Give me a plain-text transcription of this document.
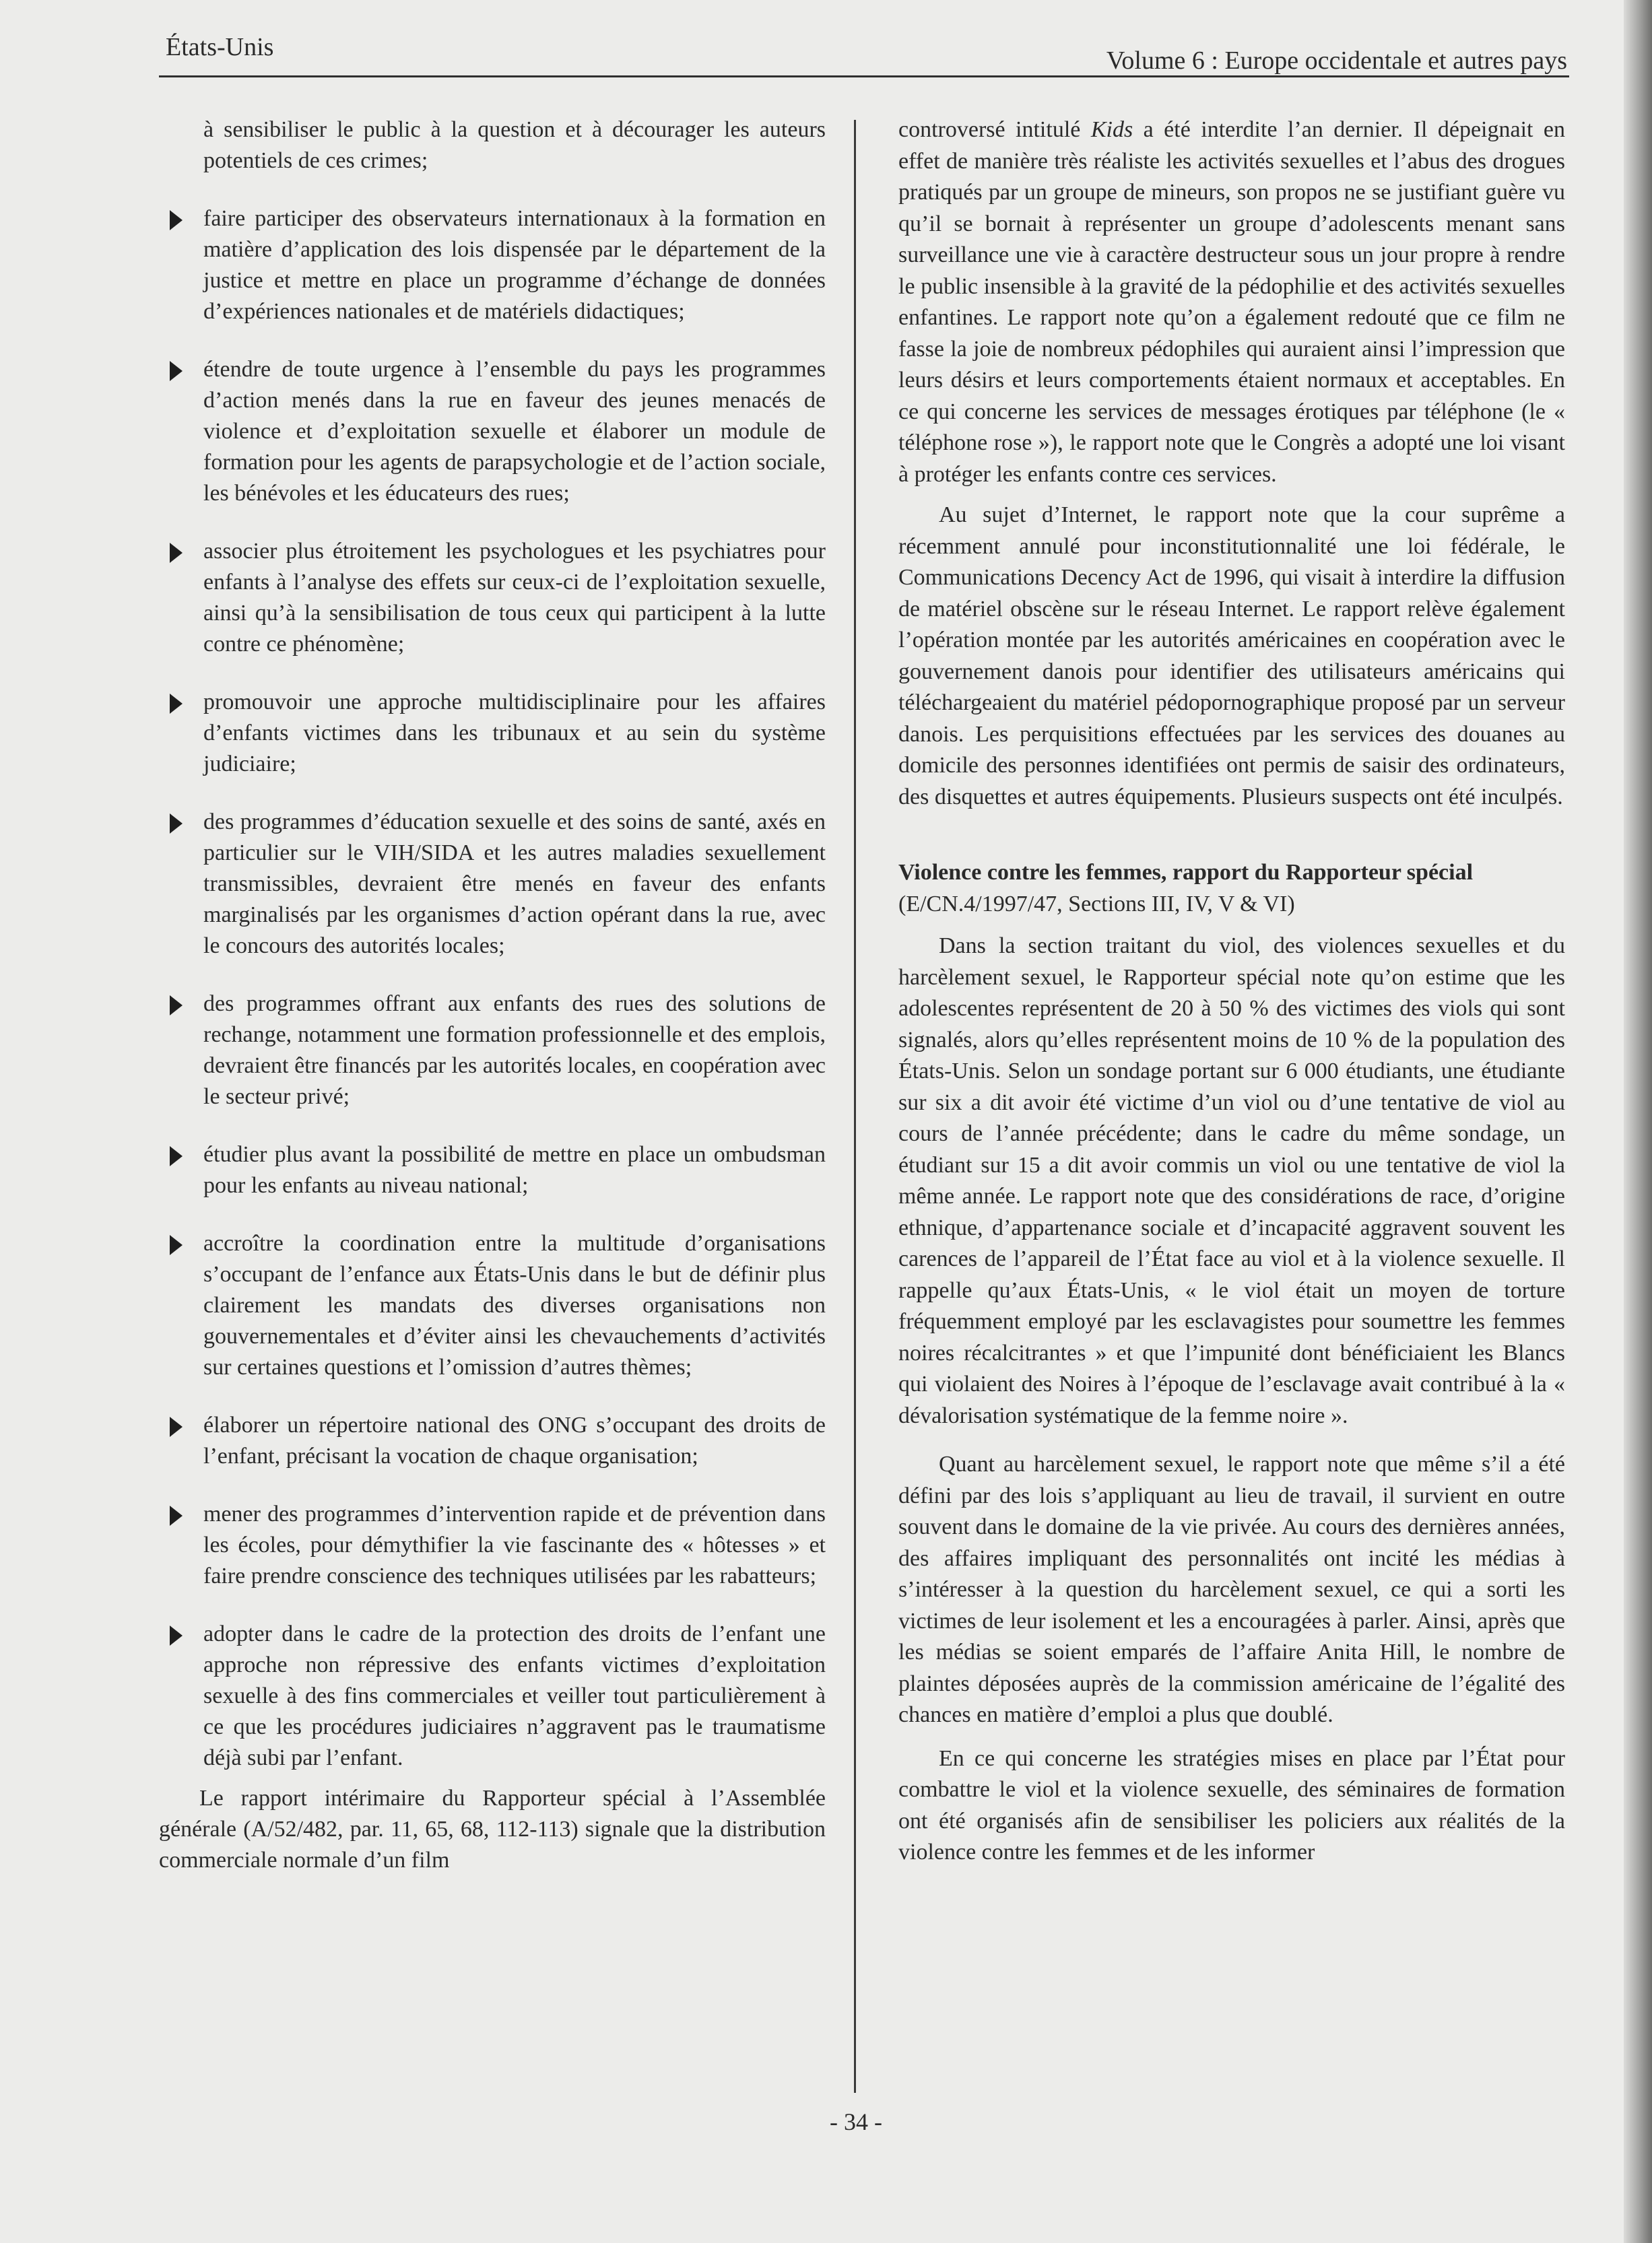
États-Unis	Volume 6 : Europe occidentale et autres pays
à sensibiliser le public à la question et à décourager les auteurs potentiels de ces crimes;
faire participer des observateurs internationaux à la formation en matière d’application des lois dispensée par le département de la justice et mettre en place un programme d’échange de données d’expériences nationales et de matériels didactiques;
étendre de toute urgence à l’ensemble du pays les programmes d’action menés dans la rue en faveur des jeunes menacés de violence et d’exploitation sexuelle et élaborer un module de formation pour les agents de parapsychologie et de l’action sociale, les bénévoles et les éducateurs des rues;
associer plus étroitement les psychologues et les psychiatres pour enfants à l’analyse des effets sur ceux-ci de l’exploitation sexuelle, ainsi qu’à la sensibilisation de tous ceux qui participent à la lutte contre ce phénomène;
promouvoir une approche multidisciplinaire pour les affaires d’enfants victimes dans les tribunaux et au sein du système judiciaire;
des programmes d’éducation sexuelle et des soins de santé, axés en particulier sur le VIH/SIDA et les autres maladies sexuellement transmissibles, devraient être menés en faveur des enfants marginalisés par les organismes d’action opérant dans la rue, avec le concours des autorités locales;
des programmes offrant aux enfants des rues des solutions de rechange, notamment une formation professionnelle et des emplois, devraient être financés par les autorités locales, en coopération avec le secteur privé;
étudier plus avant la possibilité de mettre en place un ombudsman pour les enfants au niveau national;
accroître la coordination entre la multitude d’organisations s’occupant de l’enfance aux États-Unis dans le but de définir plus clairement les mandats des diverses organisations non gouvernementales et d’éviter ainsi les chevauchements d’activités sur certaines questions et l’omission d’autres thèmes;
élaborer un répertoire national des ONG s’occupant des droits de l’enfant, précisant la vocation de chaque organisation;
mener des programmes d’intervention rapide et de prévention dans les écoles, pour démythifier la vie fascinante des « hôtesses » et faire prendre conscience des techniques utilisées par les rabatteurs;
adopter dans le cadre de la protection des droits de l’enfant une approche non répressive des enfants victimes d’exploitation sexuelle à des fins commerciales et veiller tout particulièrement à ce que les procédures judiciaires n’aggravent pas le traumatisme déjà subi par l’enfant.

Le rapport intérimaire du Rapporteur spécial à l’Assemblée générale (A/52/482, par. 11, 65, 68, 112-113) signale que la distribution commerciale normale d’un film

controversé intitulé Kids a été interdite l’an dernier. Il dépeignait en effet de manière très réaliste les activités sexuelles et l’abus des drogues pratiqués par un groupe de mineurs, son propos ne se justifiant guère vu qu’il se bornait à représenter un groupe d’adolescents menant sans surveillance une vie à caractère destructeur sous un jour propre à rendre le public insensible à la gravité de la pédophilie et des activités sexuelles enfantines. Le rapport note qu’on a également redouté que ce film ne fasse la joie de nombreux pédophiles qui auraient ainsi l’impression que leurs désirs et leurs comportements étaient normaux et acceptables. En ce qui concerne les services de messages érotiques par téléphone (le « téléphone rose »), le rapport note que le Congrès a adopté une loi visant à protéger les enfants contre ces services.

Au sujet d’Internet, le rapport note que la cour suprême a récemment annulé pour inconstitutionnalité une loi fédérale, le Communications Decency Act de 1996, qui visait à interdire la diffusion de matériel obscène sur le réseau Internet. Le rapport relève également l’opération montée par les autorités américaines en coopération avec le gouvernement danois pour identifier des utilisateurs américains qui téléchargeaient du matériel pédopornographique proposé par un serveur danois. Les perquisitions effectuées par les services des douanes au domicile des personnes identifiées ont permis de saisir des ordinateurs, des disquettes et autres équipements. Plusieurs suspects ont été inculpés.

Violence contre les femmes, rapport du Rapporteur spécial (E/CN.4/1997/47, Sections III, IV, V & VI)

Dans la section traitant du viol, des violences sexuelles et du harcèlement sexuel, le Rapporteur spécial note qu’on estime que les adolescentes représentent de 20 à 50 % des victimes des viols qui sont signalés, alors qu’elles représentent moins de 10 % de la population des États-Unis. Selon un sondage portant sur 6 000 étudiants, une étudiante sur six a dit avoir été victime d’un viol ou d’une tentative de viol au cours de l’année précédente; dans le cadre du même sondage, un étudiant sur 15 a dit avoir commis un viol ou une tentative de viol la même année. Le rapport note que des considérations de race, d’origine ethnique, d’appartenance sociale et d’incapacité aggravent souvent les carences de l’appareil de l’État face au viol et à la violence sexuelle. Il rappelle qu’aux États-Unis, « le viol était un moyen de torture fréquemment employé par les esclavagistes pour soumettre les femmes noires récalcitrantes » et que l’impunité dont bénéficiaient les Blancs qui violaient des Noires à l’époque de l’esclavage avait contribué à la « dévalorisation systématique de la femme noire ».

Quant au harcèlement sexuel, le rapport note que même s’il a été défini par des lois s’appliquant au lieu de travail, il survient en outre souvent dans le domaine de la vie privée. Au cours des dernières années, des affaires impliquant des personnalités ont incité les médias à s’intéresser à la question du harcèlement sexuel, ce qui a sorti les victimes de leur isolement et les a encouragées à parler. Ainsi, après que les médias se soient emparés de l’affaire Anita Hill, le nombre de plaintes déposées auprès de la commission américaine de l’égalité des chances en matière d’emploi a plus que doublé.

En ce qui concerne les stratégies mises en place par l’État pour combattre le viol et la violence sexuelle, des séminaires de formation ont été organisés afin de sensibiliser les policiers aux réalités de la violence contre les femmes et de les informer

- 34 -
